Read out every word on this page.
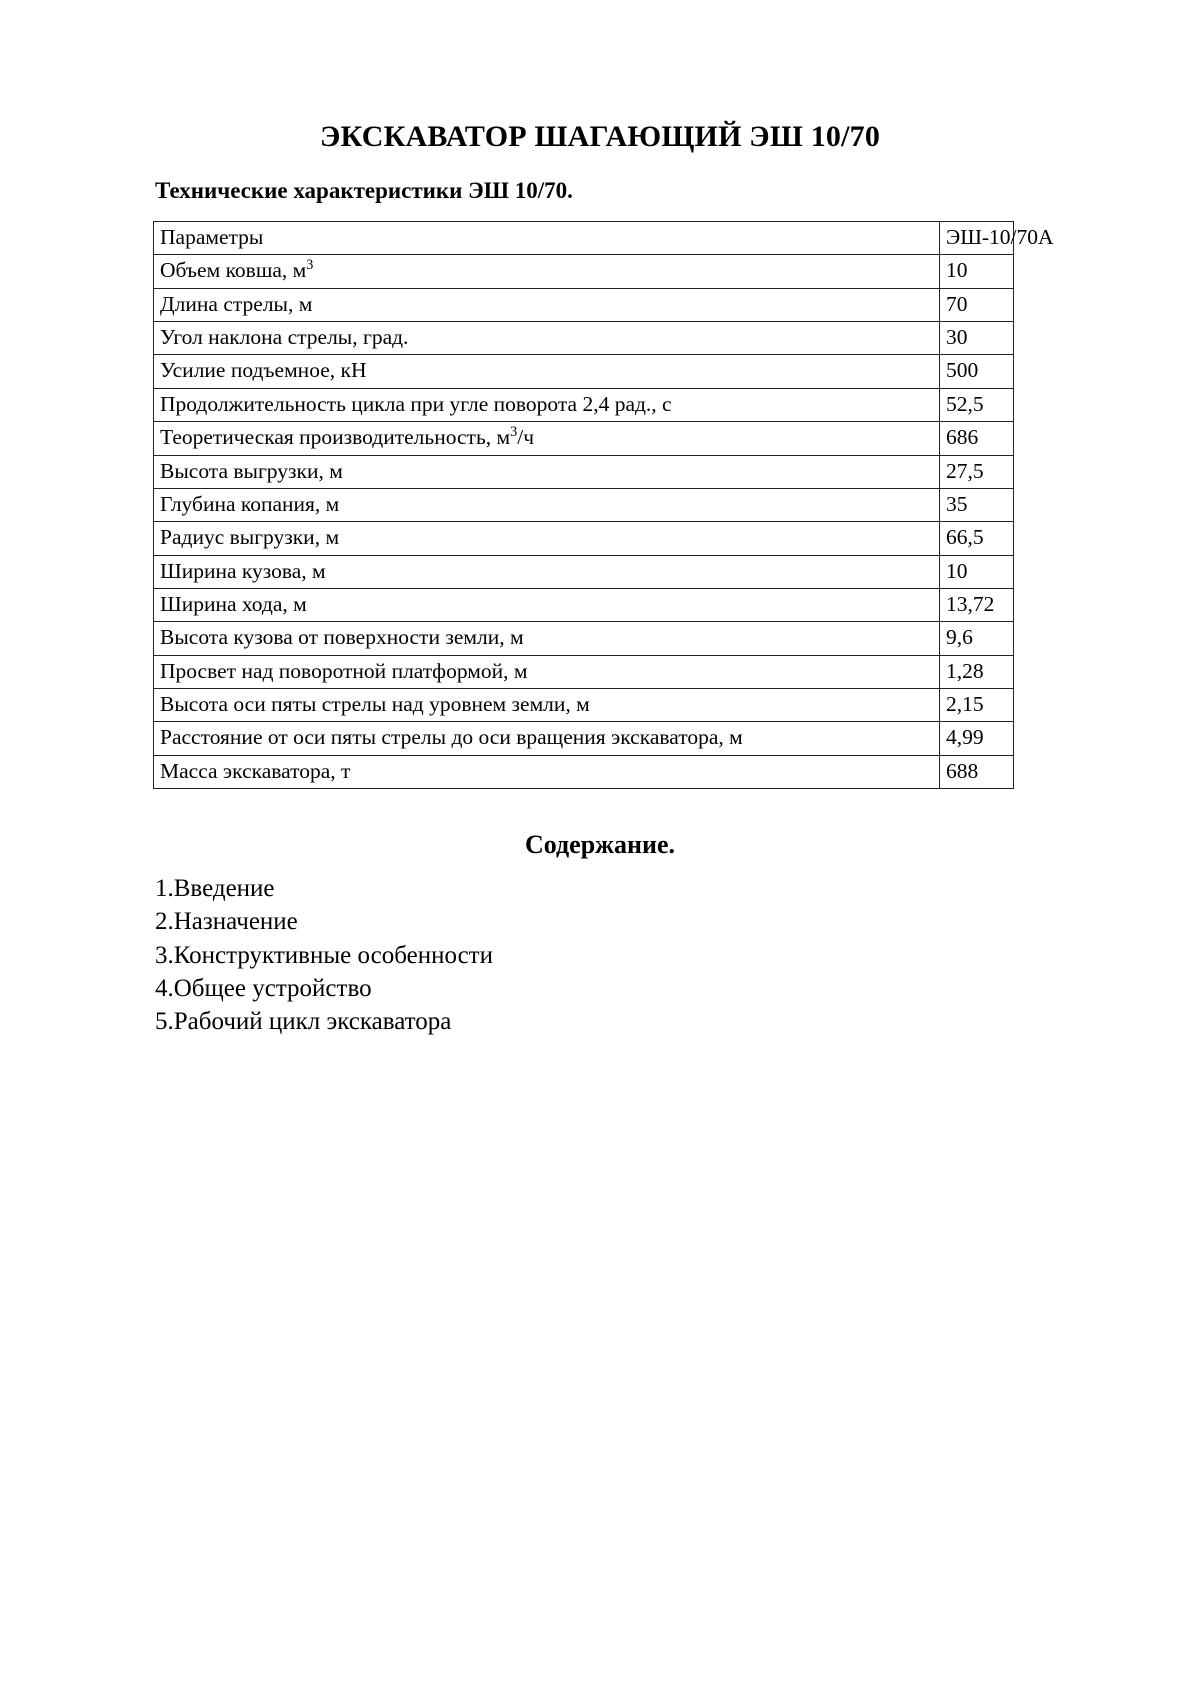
ЭКСКАВАТОР ШАГАЮЩИЙ ЭШ 10/70
Технические характеристики ЭШ 10/70.
Параметры	ЭШ-10/70А
Объем ковша, $м^3$	10
Длина стрелы, м	70
Угол наклона стрелы, град.	30
Усилие подъемное, кН	500
Продолжительность цикла при угле поворота 2,4 рад., с	52,5
Теоретическая производительность, $м^3/ч$	686
Высота выгрузки, м	27,5
Глубина копания, м	35
Радиус выгрузки, м	66,5
Ширина кузова, м	10
Ширина хода, м	13,72
Высота кузова от поверхности земли, м	9,6
Просвет над поворотной платформой, м	1,28
Высота оси пяты стрелы над уровнем земли, м	2,15
Расстояние от оси пяты стрелы до оси вращения экскаватора, м	4,99
Масса экскаватора, т	688
Содержание.
1.Введение
2.Назначение
3.Конструктивные особенности
4.Общее устройство
5.Рабочий цикл экскаватора
